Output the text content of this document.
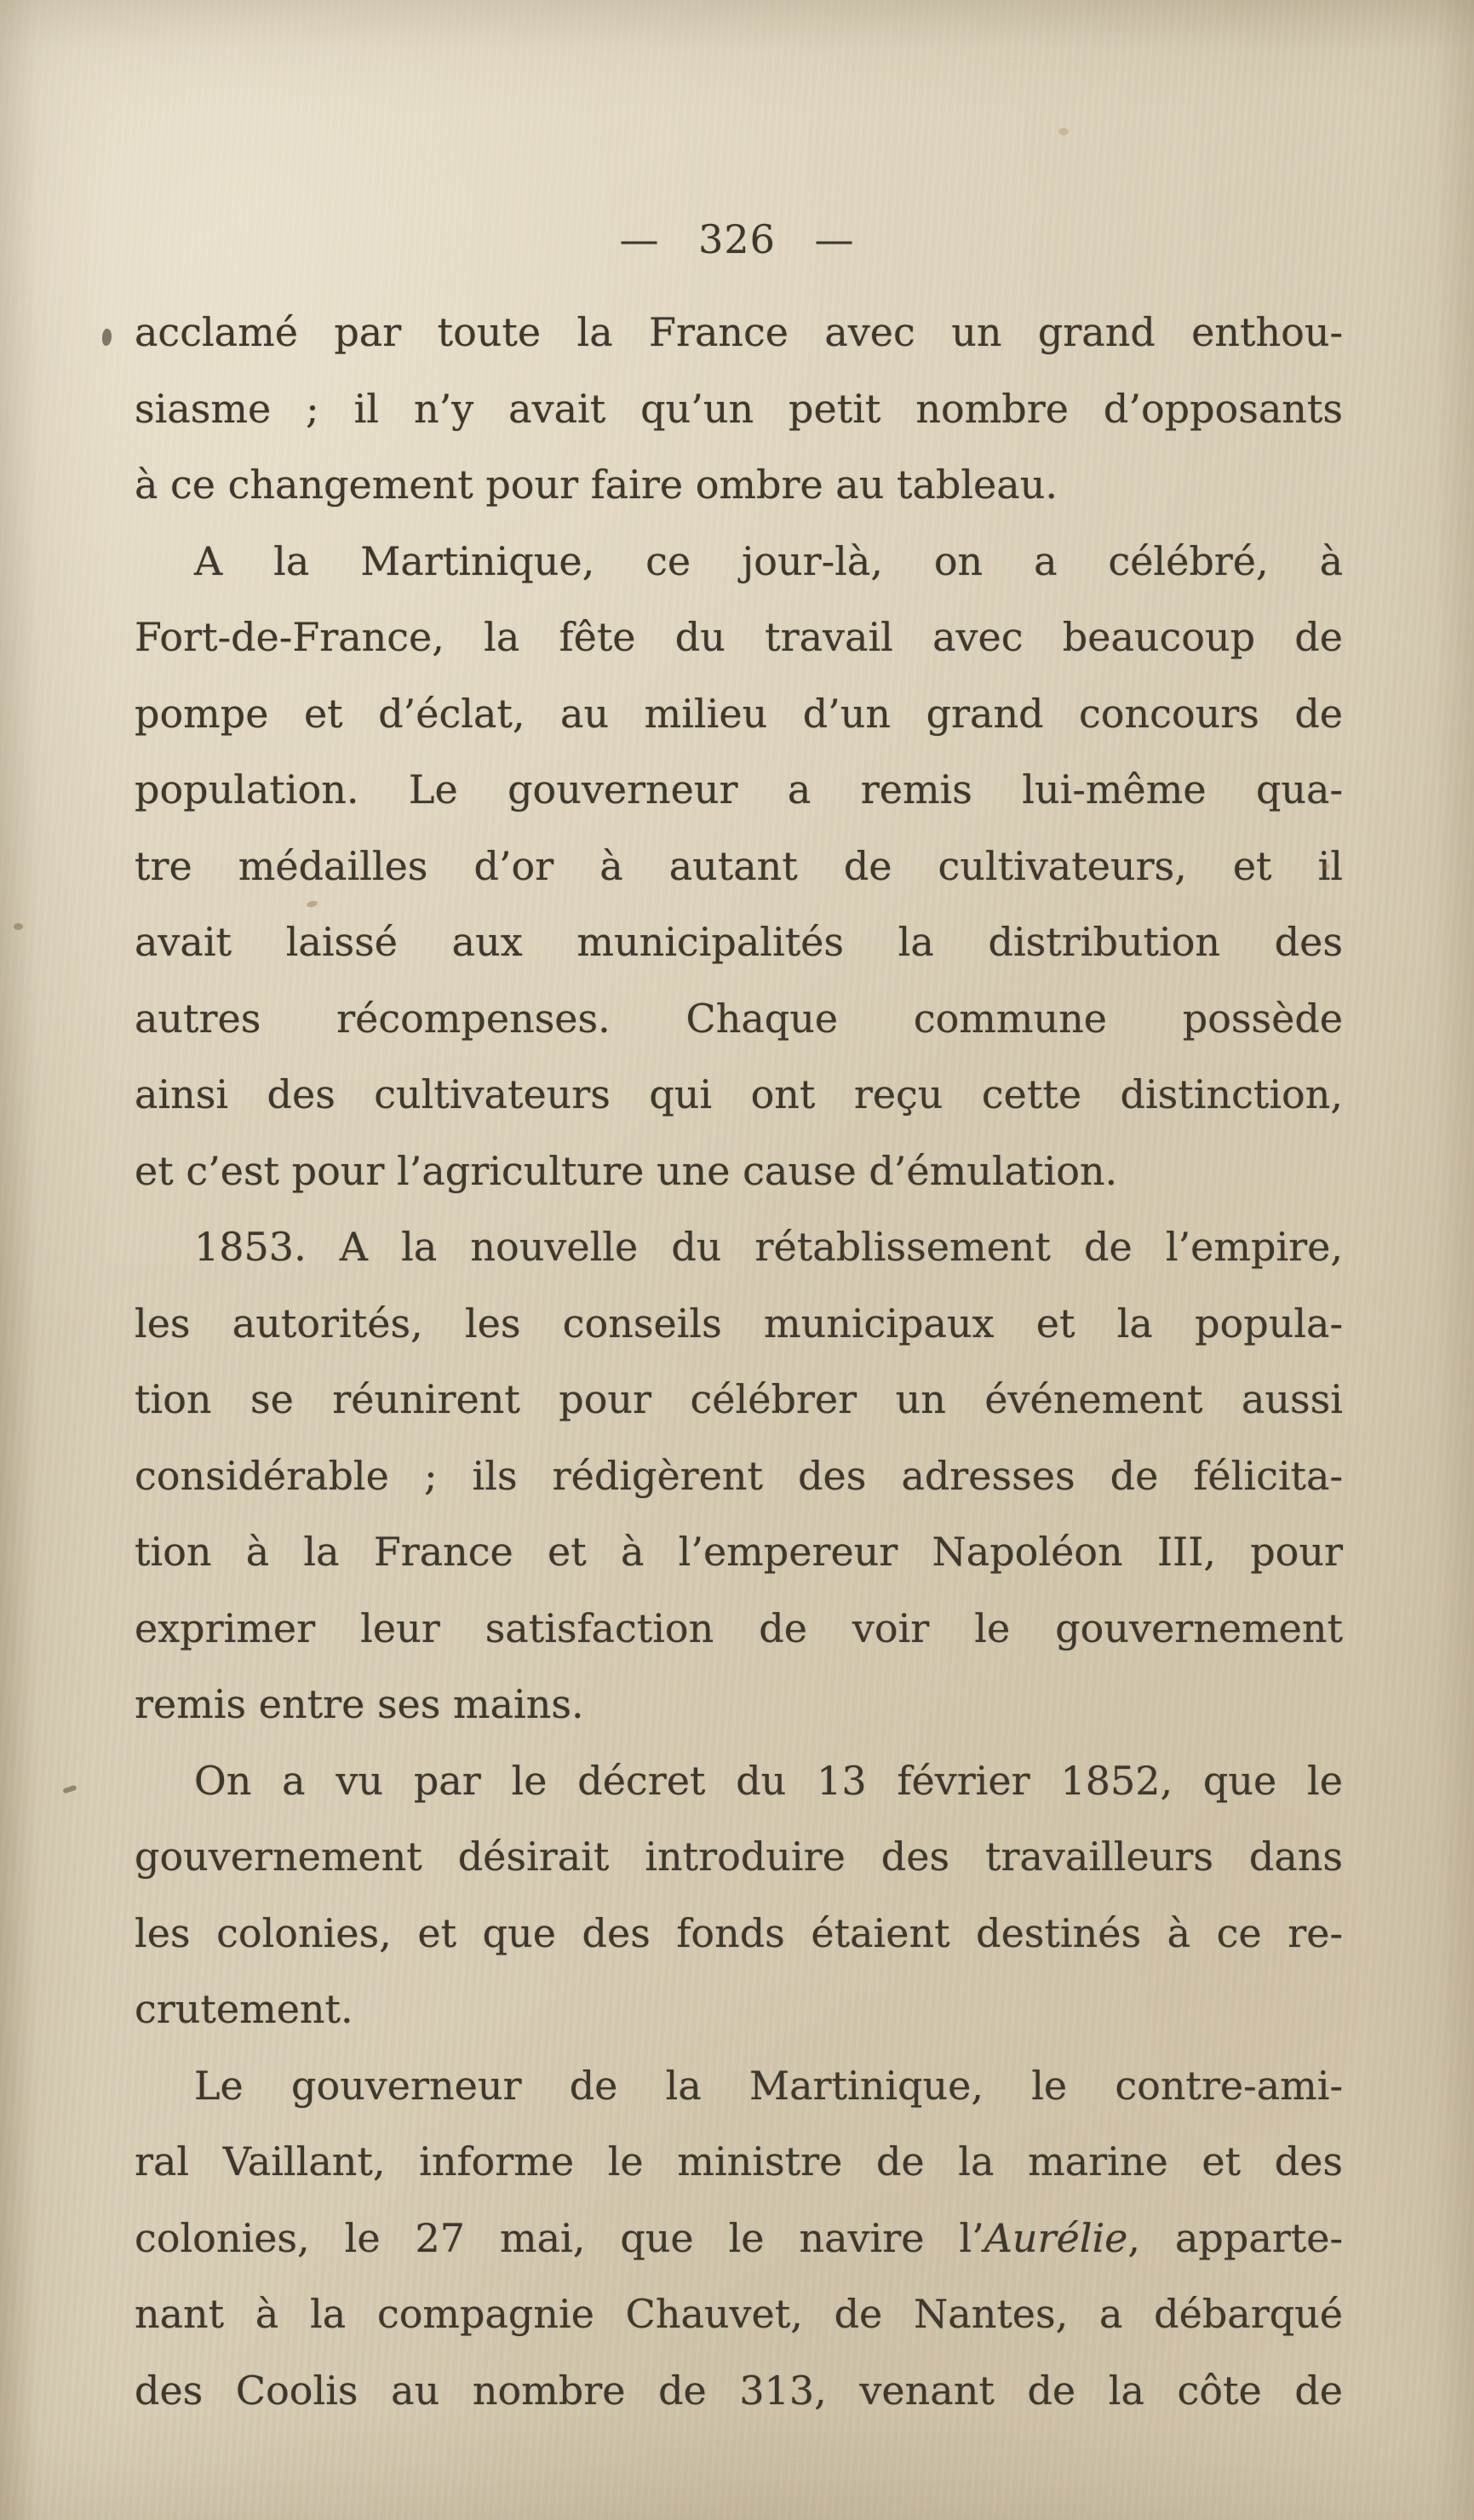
— 326 —
acclamé par toute la France avec un grand enthou-
siasme ; il n’y avait qu’un petit nombre d’opposants
à ce changement pour faire ombre au tableau.
A la Martinique, ce jour-là, on a célébré, à
Fort-de-France, la fête du travail avec beaucoup de
pompe et d’éclat, au milieu d’un grand concours de
population. Le gouverneur a remis lui-même qua-
tre médailles d’or à autant de cultivateurs, et il
avait laissé aux municipalités la distribution des
autres récompenses. Chaque commune possède
ainsi des cultivateurs qui ont reçu cette distinction,
et c’est pour l’agriculture une cause d’émulation.
1853. A la nouvelle du rétablissement de l’empire,
les autorités, les conseils municipaux et la popula-
tion se réunirent pour célébrer un événement aussi
considérable ; ils rédigèrent des adresses de félicita-
tion à la France et à l’empereur Napoléon III, pour
exprimer leur satisfaction de voir le gouvernement
remis entre ses mains.
On a vu par le décret du 13 février 1852, que le
gouvernement désirait introduire des travailleurs dans
les colonies, et que des fonds étaient destinés à ce re-
crutement.
Le gouverneur de la Martinique, le contre-ami-
ral Vaillant, informe le ministre de la marine et des
colonies, le 27 mai, que le navire l’Aurélie, apparte-
nant à la compagnie Chauvet, de Nantes, a débarqué
des Coolis au nombre de 313, venant de la côte de
